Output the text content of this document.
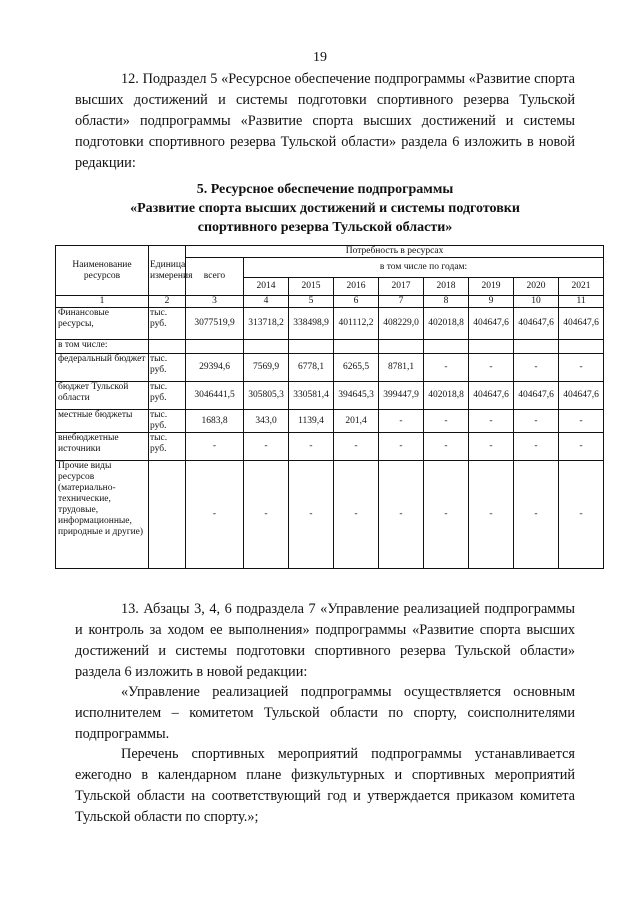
19

12. Подраздел 5 «Ресурсное обеспечение подпрограммы «Развитие спорта высших достижений и системы подготовки спортивного резерва Тульской области» подпрограммы «Развитие спорта высших достижений и системы подготовки спортивного резерва Тульской области» раздела 6 изложить в новой редакции:

5. Ресурсное обеспечение подпрограммы
«Развитие спорта высших достижений и системы подготовки
спортивного резерва Тульской области»
Наименование ресурсов	Единица измерения	Потребность в ресурсах								
		всего	в том числе по годам:							
			2014	2015	2016	2017	2018	2019	2020	2021
1	2	3	4	5	6	7	8	9	10	11
Финансовые ресурсы,	тыс. руб.	3077519,9	313718,2	338498,9	401112,2	408229,0	402018,8	404647,6	404647,6	404647,6
в том числе:										
федеральный бюджет	тыс. руб.	29394,6	7569,9	6778,1	6265,5	8781,1	-	-	-	-
бюджет Тульской области	тыс. руб.	3046441,5	305805,3	330581,4	394645,3	399447,9	402018,8	404647,6	404647,6	404647,6
местные бюджеты	тыс. руб.	1683,8	343,0	1139,4	201,4	-	-	-	-	-
внебюджетные источники	тыс. руб.	-	-	-	-	-	-	-	-	-
Прочие виды ресурсов (материально-технические, трудовые, информационные, природные и другие)		-	-	-	-	-	-	-	-	-

13. Абзацы 3, 4, 6 подраздела 7 «Управление реализацией подпрограммы и контроль за ходом ее выполнения» подпрограммы «Развитие спорта высших достижений и системы подготовки спортивного резерва Тульской области» раздела 6 изложить в новой редакции:

«Управление реализацией подпрограммы осуществляется основным исполнителем – комитетом Тульской области по спорту, соисполнителями подпрограммы.

Перечень спортивных мероприятий подпрограммы устанавливается ежегодно в календарном плане физкультурных и спортивных мероприятий Тульской области на соответствующий год и утверждается приказом комитета Тульской области по спорту.»;
